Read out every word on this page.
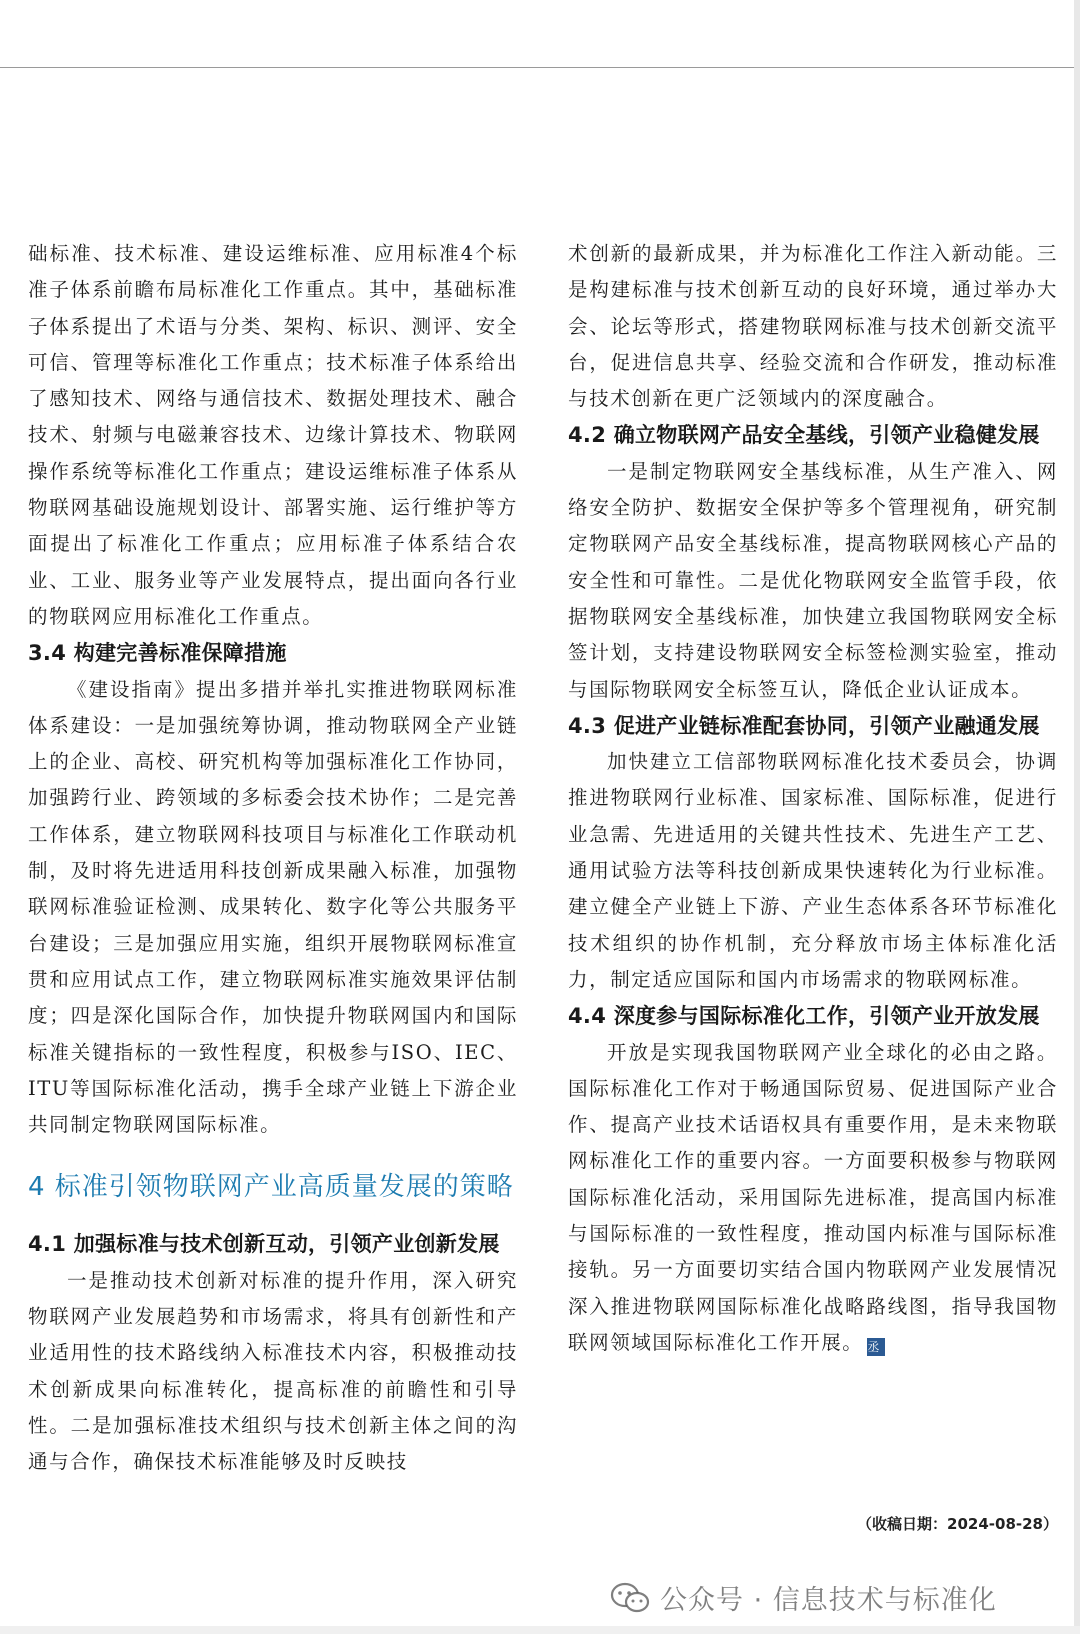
础标准、技术标准、建设运维标准、应用标准4个标准子体系前瞻布局标准化工作重点。其中，基础标准子体系提出了术语与分类、架构、标识、测评、安全可信、管理等标准化工作重点；技术标准子体系给出了感知技术、网络与通信技术、数据处理技术、融合技术、射频与电磁兼容技术、边缘计算技术、物联网操作系统等标准化工作重点；建设运维标准子体系从物联网基础设施规划设计、部署实施、运行维护等方面提出了标准化工作重点；应用标准子体系结合农业、工业、服务业等产业发展特点，提出面向各行业的物联网应用标准化工作重点。

3.4 构建完善标准保障措施

《建设指南》提出多措并举扎实推进物联网标准体系建设：一是加强统筹协调，推动物联网全产业链上的企业、高校、研究机构等加强标准化工作协同，加强跨行业、跨领域的多标委会技术协作；二是完善工作体系，建立物联网科技项目与标准化工作联动机制，及时将先进适用科技创新成果融入标准，加强物联网标准验证检测、成果转化、数字化等公共服务平台建设；三是加强应用实施，组织开展物联网标准宣贯和应用试点工作，建立物联网标准实施效果评估制度；四是深化国际合作，加快提升物联网国内和国际标准关键指标的一致性程度，积极参与ISO、IEC、ITU等国际标准化活动，携手全球产业链上下游企业共同制定物联网国际标准。

4 标准引领物联网产业高质量发展的策略
4.1 加强标准与技术创新互动，引领产业创新发展

一是推动技术创新对标准的提升作用，深入研究物联网产业发展趋势和市场需求，将具有创新性和产业适用性的技术路线纳入标准技术内容，积极推动技术创新成果向标准转化，提高标准的前瞻性和引导性。二是加强标准技术组织与技术创新主体之间的沟通与合作，确保技术标准能够及时反映技

术创新的最新成果，并为标准化工作注入新动能。三是构建标准与技术创新互动的良好环境，通过举办大会、论坛等形式，搭建物联网标准与技术创新交流平台，促进信息共享、经验交流和合作研发，推动标准与技术创新在更广泛领域内的深度融合。

4.2 确立物联网产品安全基线，引领产业稳健发展

一是制定物联网安全基线标准，从生产准入、网络安全防护、数据安全保护等多个管理视角，研究制定物联网产品安全基线标准，提高物联网核心产品的安全性和可靠性。二是优化物联网安全监管手段，依据物联网安全基线标准，加快建立我国物联网安全标签计划，支持建设物联网安全标签检测实验室，推动与国际物联网安全标签互认，降低企业认证成本。

4.3 促进产业链标准配套协同，引领产业融通发展

加快建立工信部物联网标准化技术委员会，协调推进物联网行业标准、国家标准、国际标准，促进行业急需、先进适用的关键共性技术、先进生产工艺、通用试验方法等科技创新成果快速转化为行业标准。建立健全产业链上下游、产业生态体系各环节标准化技术组织的协作机制，充分释放市场主体标准化活力，制定适应国际和国内市场需求的物联网标准。

4.4 深度参与国际标准化工作，引领产业开放发展

开放是实现我国物联网产业全球化的必由之路。国际标准化工作对于畅通国际贸易、促进国际产业合作、提高产业技术话语权具有重要作用，是未来物联网标准化工作的重要内容。一方面要积极参与物联网国际标准化活动，采用国际先进标准，提高国内标准与国际标准的一致性程度，推动国内标准与国际标准接轨。另一方面要切实结合国内物联网产业发展情况深入推进物联网国际标准化战略路线图，指导我国物联网领域国际标准化工作开展。 丞

（收稿日期：2024-08-28）
公众号 · 信息技术与标准化
